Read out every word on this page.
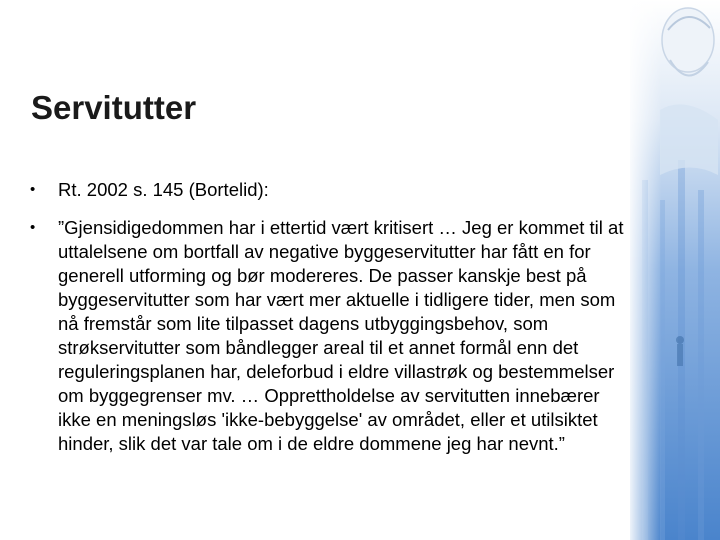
Servitutter
• Rt. 2002 s. 145 (Bortelid):
• ”Gjensidigedommen har i ettertid vært kritisert … Jeg er kommet til at uttalelsene om bortfall av negative byggeservitutter har fått en for generell utforming og bør modereres. De passer kanskje best på byggeservitutter som har vært mer aktuelle i tidligere tider, men som nå fremstår som lite tilpasset dagens utbyggingsbehov, som strøkservitutter som båndlegger areal til et annet formål enn det reguleringsplanen har, deleforbud i eldre villastrøk og bestemmelser om byggegrenser mv. … Opprettholdelse av servitutten innebærer ikke en meningsløs 'ikke-bebyggelse' av området, eller et utilsiktet hinder, slik det var tale om i de eldre dommene jeg har nevnt.”
